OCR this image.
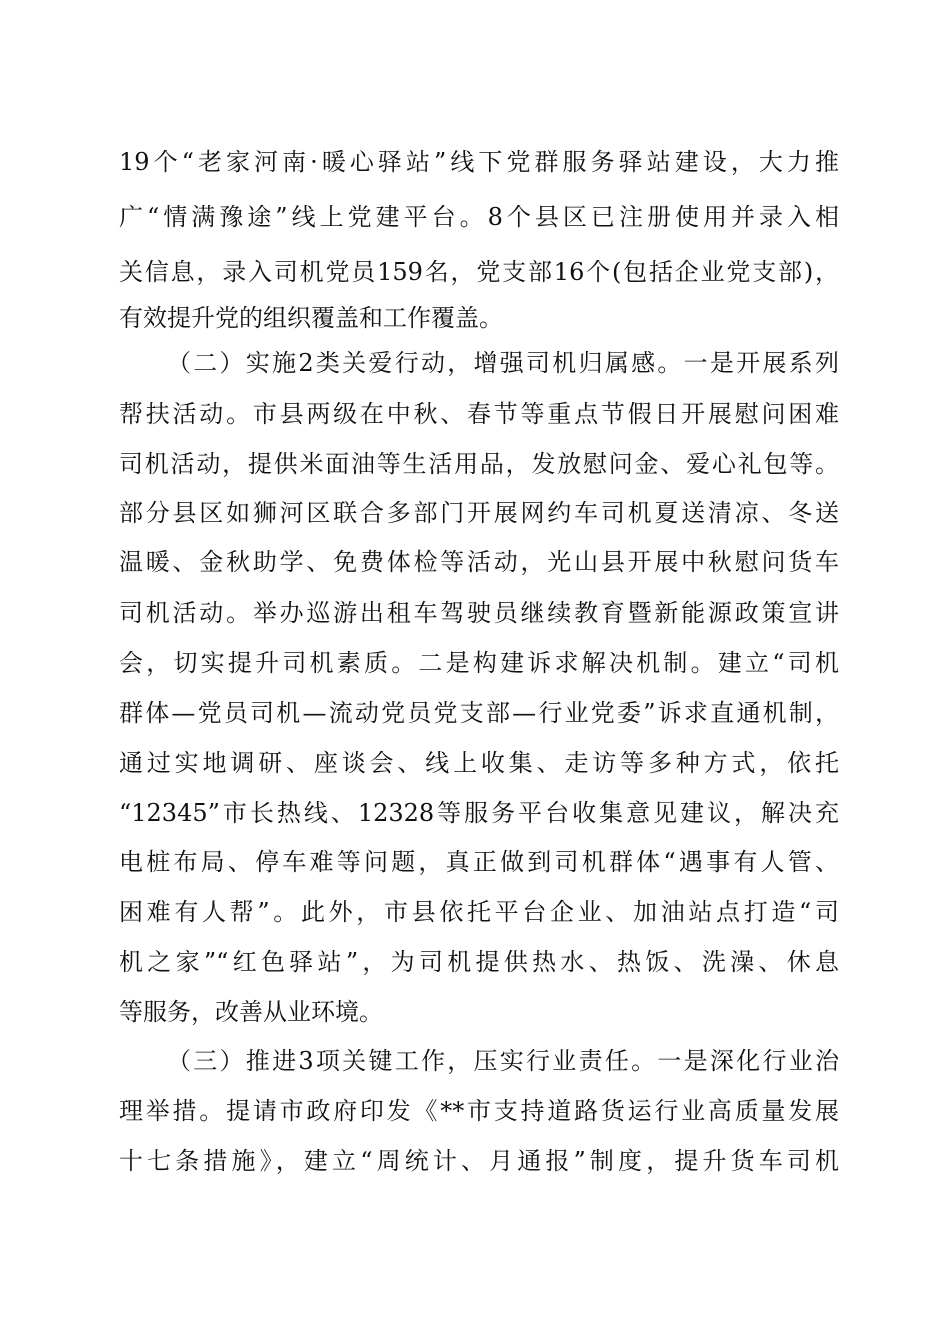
19个“老家河南·暖心驿站”线下党群服务驿站建设，大力推
广“情满豫途”线上党建平台。8个县区已注册使用并录入相
关信息，录入司机党员159名，党支部16个(包括企业党支部)，
有效提升党的组织覆盖和工作覆盖。
（二）实施2类关爱行动，增强司机归属感。一是开展系列
帮扶活动。市县两级在中秋、春节等重点节假日开展慰问困难
司机活动，提供米面油等生活用品，发放慰问金、爱心礼包等。
部分县区如狮河区联合多部门开展网约车司机夏送清凉、冬送
温暖、金秋助学、免费体检等活动，光山县开展中秋慰问货车
司机活动。举办巡游出租车驾驶员继续教育暨新能源政策宣讲
会，切实提升司机素质。二是构建诉求解决机制。建立“司机
群体—党员司机—流动党员党支部—行业党委”诉求直通机制，
通过实地调研、座谈会、线上收集、走访等多种方式，依托
“12345”市长热线、12328等服务平台收集意见建议，解决充
电桩布局、停车难等问题，真正做到司机群体“遇事有人管、
困难有人帮”。此外，市县依托平台企业、加油站点打造“司
机之家”“红色驿站”，为司机提供热水、热饭、洗澡、休息
等服务，改善从业环境。
（三）推进3项关键工作，压实行业责任。一是深化行业治
理举措。提请市政府印发《**市支持道路货运行业高质量发展
十七条措施》，建立“周统计、月通报”制度，提升货车司机
